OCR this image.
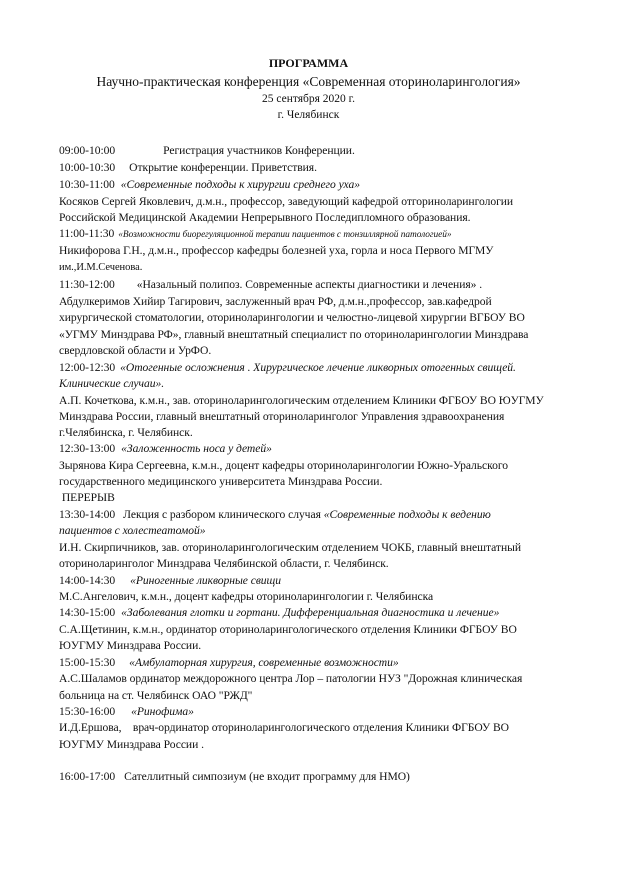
ПРОГРАММА
Научно-практическая конференция «Современная оториноларингология»
25 сентября 2020 г.
г. Челябинск
09:00-10:00	Регистрация участников Конференции.
10:00-10:30 Открытие конференции. Приветствия.
10:30-11:00 «Современные подходы к хирургии среднего уха»
Косяков Сергей Яковлевич, д.м.н., профессор, заведующий кафедрой отгориноларингологии
Российской Медицинской Академии Непрерывного Последипломного образования.
11:00-11:30 «Возможности биорегуляционной терапии пациентов с тонзиллярной патологией»
Никифорова Г.Н., д.м.н., профессор кафедры болезней уха, горла и носа Первого МГМУ
им.,И.М.Сеченова.
11:30-12:00 «Назальный полипоз. Современные аспекты диагностики и лечения» .
Абдулкеримов Хийир Тагирович, заслуженный врач РФ, д.м.н.,профессор, зав.кафедрой
хирургической стоматологии, оториноларингологии и челюстно-лицевой хирургии ВГБОУ ВО
«УГМУ Минздрава РФ», главный внештатный специалист по оториноларингологии Минздрава
свердловской области и УрФО.
12:00-12:30 «Отогенные осложнения . Хирургическое лечение ликворных отогенных свищей.
Клинические случаи».
А.П. Кочеткова, к.м.н., зав. оториноларингологическим отделением Клиники ФГБОУ ВО ЮУГМУ
Минздрава России, главный внештатный оториноларинголог Управления здравоохранения
г.Челябинска, г. Челябинск.
12:30-13:00 «Заложенность носа у детей»
Зырянова Кира Сергеевна, к.м.н., доцент кафедры оториноларингологии Южно-Уральского
государственного медицинского университета Минздрава России.
ПЕРЕРЫВ
13:30-14:00 Лекция с разбором клинического случая «Современные подходы к ведению
пациентов с холестеатомой»
И.Н. Скирпичников, зав. оториноларингологическим отделением ЧОКБ, главный внештатный
оториноларинголог Минздрава Челябинской области, г. Челябинск.
14:00-14:30 «Риногенные ликворные свищи
М.С.Ангелович, к.м.н., доцент кафедры оториноларингологии г. Челябинска
14:30-15:00 «Заболевания глотки и гортани. Дифференциальная диагностика и лечение»
С.А.Щетинин, к.м.н., ординатор оториноларингологического отделения Клиники ФГБОУ ВО
ЮУГМУ Минздрава России.
15:00-15:30 «Амбулаторная хирургия, современные возможности»
А.С.Шаламов ординатор междорожного центра Лор – патологии НУЗ "Дорожная клиническая
больница на ст. Челябинск ОАО "РЖД"
15:30-16:00 «Ринофима»
И.Д.Ершова,    врач-ординатор оториноларингологического отделения Клиники ФГБОУ ВО
ЮУГМУ Минздрава России .
16:00-17:00 Сателлитный симпозиум (не входит программу для НМО)
